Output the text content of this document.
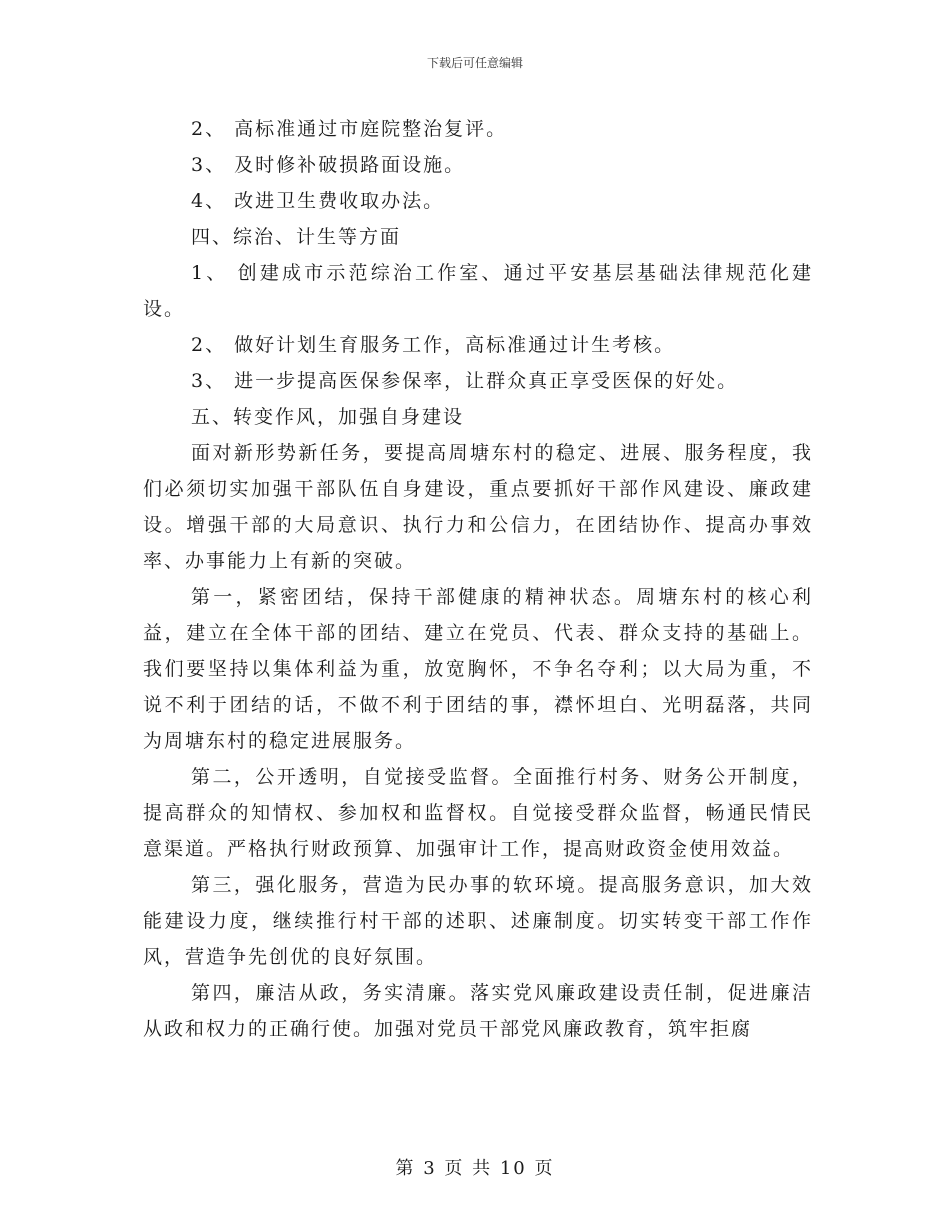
下载后可任意编辑

2、 高标准通过市庭院整治复评。

3、 及时修补破损路面设施。

4、 改进卫生费收取办法。

四、综治、计生等方面

1、 创建成市示范综治工作室、通过平安基层基础法律规范化建设。

2、 做好计划生育服务工作，高标准通过计生考核。

3、 进一步提高医保参保率，让群众真正享受医保的好处。

五、转变作风，加强自身建设

面对新形势新任务，要提高周塘东村的稳定、进展、服务程度，我们必须切实加强干部队伍自身建设，重点要抓好干部作风建设、廉政建设。增强干部的大局意识、执行力和公信力，在团结协作、提高办事效率、办事能力上有新的突破。

第一，紧密团结，保持干部健康的精神状态。周塘东村的核心利益，建立在全体干部的团结、建立在党员、代表、群众支持的基础上。我们要坚持以集体利益为重，放宽胸怀，不争名夺利；以大局为重，不说不利于团结的话，不做不利于团结的事，襟怀坦白、光明磊落，共同为周塘东村的稳定进展服务。

第二，公开透明，自觉接受监督。全面推行村务、财务公开制度，提高群众的知情权、参加权和监督权。自觉接受群众监督，畅通民情民意渠道。严格执行财政预算、加强审计工作，提高财政资金使用效益。

第三，强化服务，营造为民办事的软环境。提高服务意识，加大效能建设力度，继续推行村干部的述职、述廉制度。切实转变干部工作作风，营造争先创优的良好氛围。

第四，廉洁从政，务实清廉。落实党风廉政建设责任制，促进廉洁从政和权力的正确行使。加强对党员干部党风廉政教育，筑牢拒腐

第 3 页 共 10 页
